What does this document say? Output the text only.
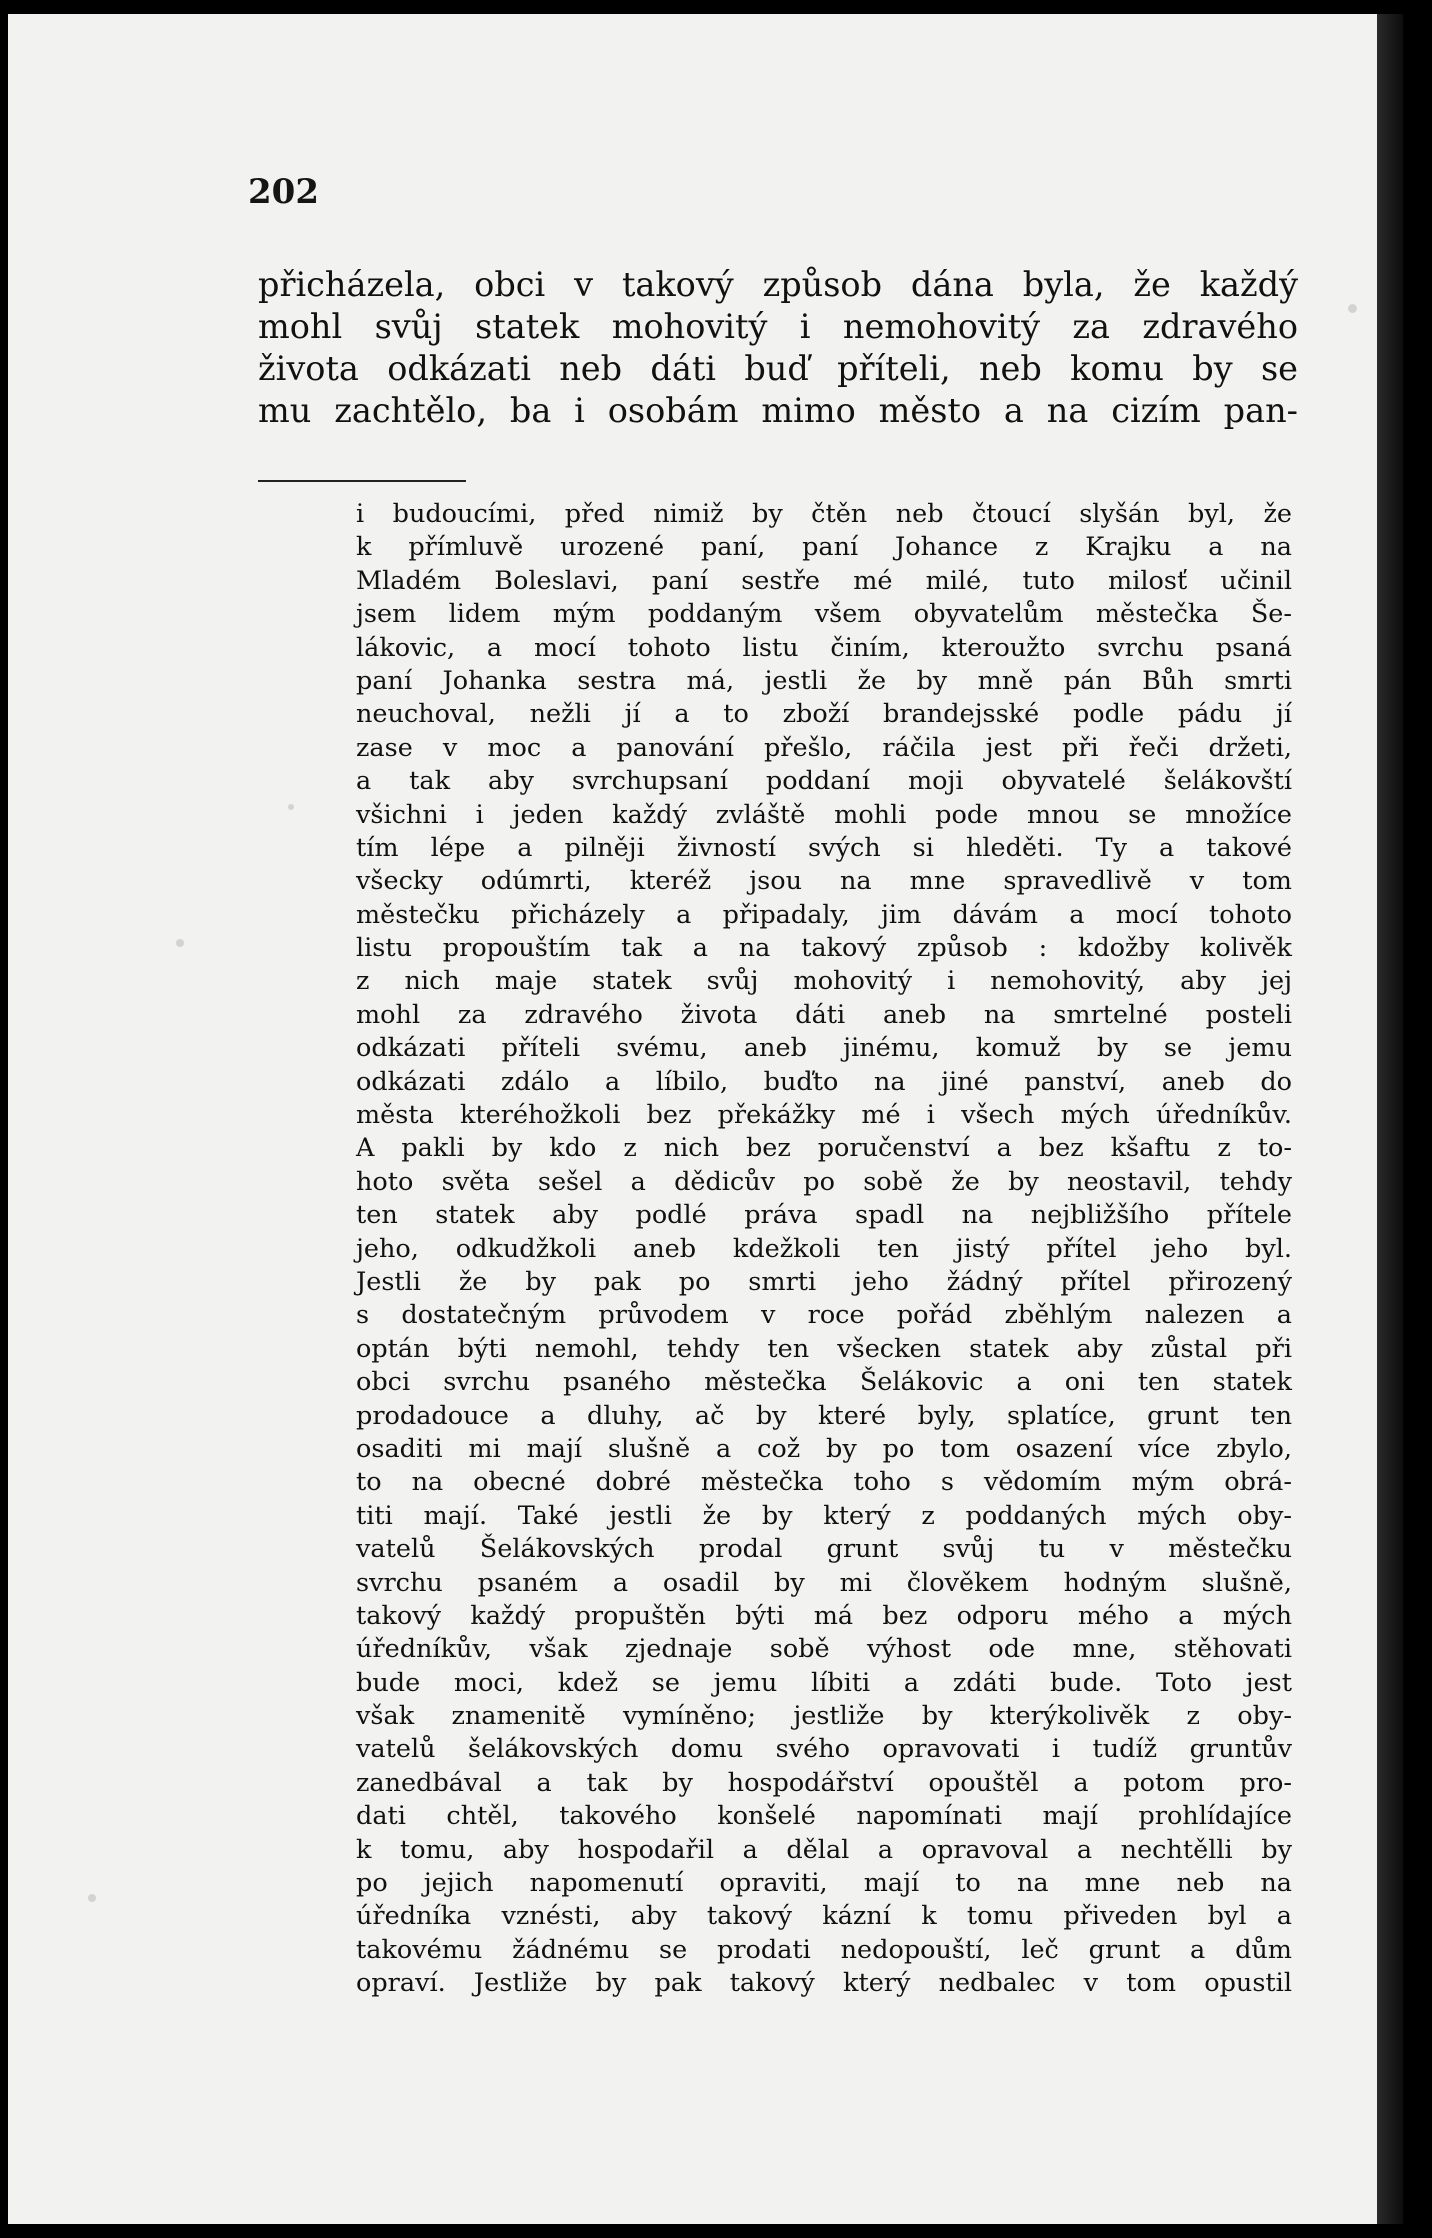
202
přicházela, obci v takový způsob dána byla, že každý
mohl svůj statek mohovitý i nemohovitý za zdravého
života odkázati neb dáti buď příteli, neb komu by se
mu zachtělo, ba i osobám mimo město a na cizím pan-
i budoucími, před nimiž by čtěn neb čtoucí slyšán byl, že
k přímluvě urozené paní, paní Johance z Krajku a na
Mladém Boleslavi, paní sestře mé milé, tuto milosť učinil
jsem lidem mým poddaným všem obyvatelům městečka Še-
lákovic, a mocí tohoto listu činím, kteroužto svrchu psaná
paní Johanka sestra má, jestli že by mně pán Bůh smrti
neuchoval, nežli jí a to zboží brandejsské podle pádu jí
zase v moc a panování přešlo, ráčila jest při řeči držeti,
a tak aby svrchupsaní poddaní moji obyvatelé šelákovští
všichni i jeden každý zvláště mohli pode mnou se množíce
tím lépe a pilněji živností svých si hleděti. Ty a takové
všecky odúmrti, kteréž jsou na mne spravedlivě v tom
městečku přicházely a připadaly, jim dávám a mocí tohoto
listu propouštím tak a na takový způsob : kdožby kolivěk
z nich maje statek svůj mohovitý i nemohovitý, aby jej
mohl za zdravého života dáti aneb na smrtelné posteli
odkázati příteli svému, aneb jinému, komuž by se jemu
odkázati zdálo a líbilo, buďto na jiné panství, aneb do
města kteréhožkoli bez překážky mé i všech mých úředníkův.
A pakli by kdo z nich bez poručenství a bez kšaftu z to-
hoto světa sešel a dědicův po sobě že by neostavil, tehdy
ten statek aby podlé práva spadl na nejbližšího přítele
jeho, odkudžkoli aneb kdežkoli ten jistý přítel jeho byl.
Jestli že by pak po smrti jeho žádný přítel přirozený
s dostatečným průvodem v roce pořád zběhlým nalezen a
optán býti nemohl, tehdy ten všecken statek aby zůstal při
obci svrchu psaného městečka Šelákovic a oni ten statek
prodadouce a dluhy, ač by které byly, splatíce, grunt ten
osaditi mi mají slušně a což by po tom osazení více zbylo,
to na obecné dobré městečka toho s vědomím mým obrá-
titi mají. Také jestli že by který z poddaných mých oby-
vatelů Šelákovských prodal grunt svůj tu v městečku
svrchu psaném a osadil by mi člověkem hodným slušně,
takový každý propuštěn býti má bez odporu mého a mých
úředníkův, však zjednaje sobě výhost ode mne, stěhovati
bude moci, kdež se jemu líbiti a zdáti bude. Toto jest
však znamenitě vymíněno; jestliže by kterýkolivěk z oby-
vatelů šelákovských domu svého opravovati i tudíž gruntův
zanedbával a tak by hospodářství opouštěl a potom pro-
dati chtěl, takového konšelé napomínati mají prohlídajíce
k tomu, aby hospodařil a dělal a opravoval a nechtělli by
po jejich napomenutí opraviti, mají to na mne neb na
úředníka vznésti, aby takový kázní k tomu přiveden byl a
takovému žádnému se prodati nedopouští, leč grunt a dům
opraví. Jestliže by pak takový který nedbalec v tom opustil
